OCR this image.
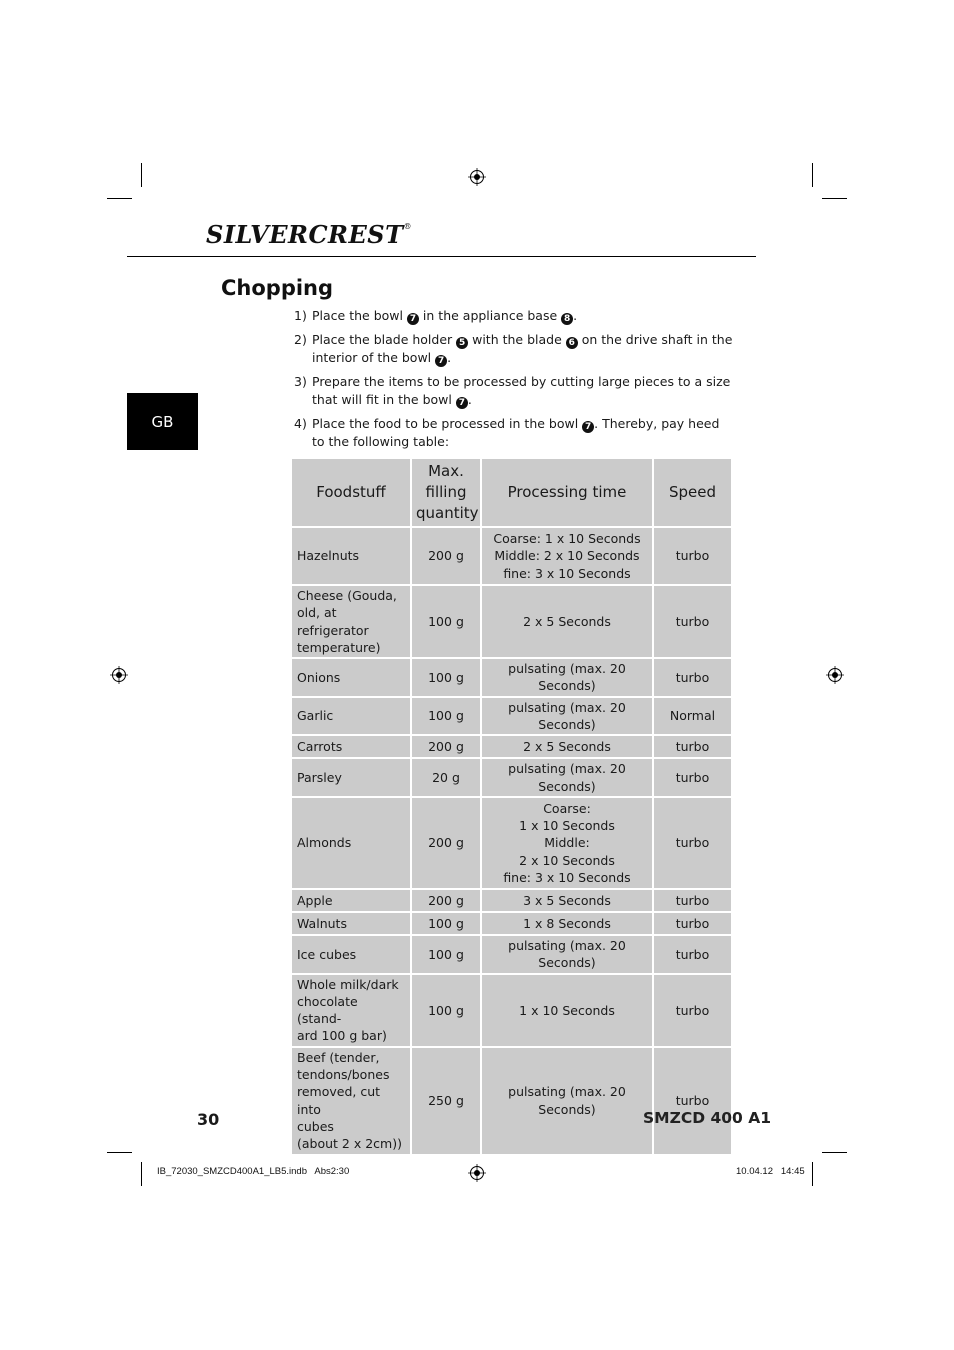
SILVERCREST®
Chopping
GB
1) Place the bowl 7 in the appliance base 8 .
2) Place the blade holder 5 with the blade 6 on the drive shaft in the interior of the bowl 7 .
3) Prepare the items to be processed by cutting large pieces to a size that will fit in the bowl 7 .
4) Place the food to be processed in the bowl 7 . Thereby, pay heed to the following table:
Foodstuff	Max. filling quantity	Processing time	Speed
Hazelnuts	200 g	Coarse: 1 x 10 Seconds
Middle: 2 x 10 Seconds
fine: 3 x 10 Seconds	turbo
Cheese (Gouda,
old, at refrigerator
temperature)	100 g	2 x 5 Seconds	turbo
Onions	100 g	pulsating (max. 20 Seconds)	turbo
Garlic	100 g	pulsating (max. 20 Seconds)	Normal
Carrots	200 g	2 x 5 Seconds	turbo
Parsley	20 g	pulsating (max. 20 Seconds)	turbo
Almonds	200 g	Coarse:
1 x 10 Seconds
Middle:
2 x 10 Seconds
fine: 3 x 10 Seconds	turbo
Apple	200 g	3 x 5 Seconds	turbo
Walnuts	100 g	1 x 8 Seconds	turbo
Ice cubes	100 g	pulsating (max. 20 Seconds)	turbo
Whole milk/dark
chocolate (stand-
ard 100 g bar)	100 g	1 x 10 Seconds	turbo
Beef (tender,
tendons/bones
removed, cut into
cubes
(about 2 x 2cm))	250 g	pulsating (max. 20 Seconds)	turbo
30	SMZCD 400 A1
IB_72030_SMZCD400A1_LB5.indb   Abs2:30	10.04.12   14:45
